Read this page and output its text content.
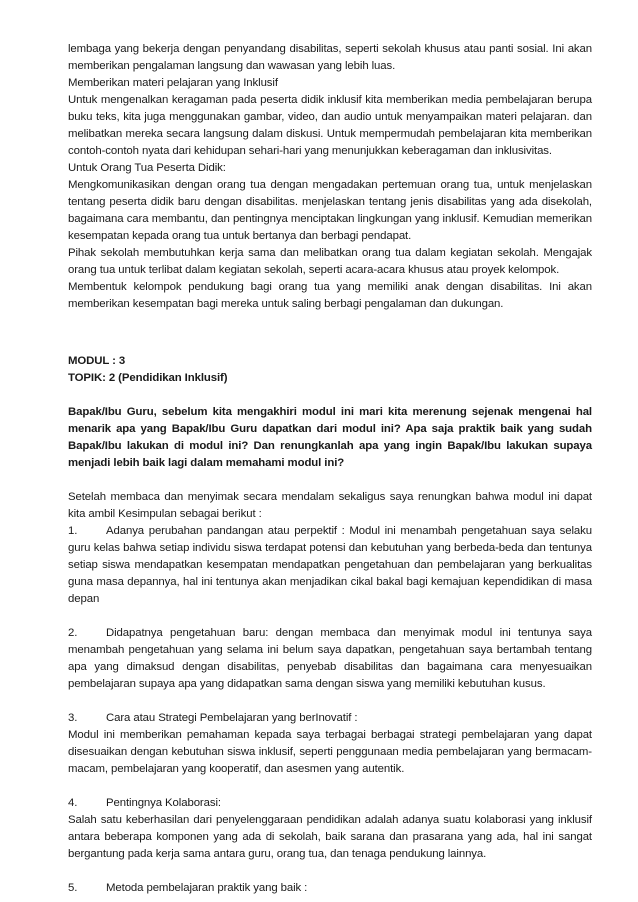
lembaga yang bekerja dengan penyandang disabilitas, seperti sekolah khusus atau panti sosial. Ini akan memberikan pengalaman langsung dan wawasan yang lebih luas.

Memberikan materi pelajaran yang Inklusif

Untuk mengenalkan keragaman pada peserta didik inklusif kita memberikan media pembelajaran berupa buku teks, kita juga menggunakan gambar, video, dan audio untuk menyampaikan materi pelajaran. dan melibatkan mereka secara langsung dalam diskusi. Untuk mempermudah pembelajaran kita memberikan contoh-contoh nyata dari kehidupan sehari-hari yang menunjukkan keberagaman dan inklusivitas.

Untuk Orang Tua Peserta Didik:

Mengkomunikasikan dengan orang tua dengan mengadakan pertemuan orang tua, untuk menjelaskan tentang peserta didik baru dengan disabilitas. menjelaskan tentang jenis disabilitas yang ada disekolah, bagaimana cara membantu, dan pentingnya menciptakan lingkungan yang inklusif. Kemudian memerikan kesempatan kepada orang tua untuk bertanya dan berbagi pendapat.

Pihak sekolah membutuhkan kerja sama dan melibatkan orang tua dalam kegiatan sekolah. Mengajak orang tua untuk terlibat dalam kegiatan sekolah, seperti acara-acara khusus atau proyek kelompok.

Membentuk kelompok pendukung bagi orang tua yang memiliki anak dengan disabilitas. Ini akan memberikan kesempatan bagi mereka untuk saling berbagi pengalaman dan dukungan.

MODUL : 3

TOPIK: 2 (Pendidikan Inklusif)

Bapak/Ibu Guru, sebelum kita mengakhiri modul ini mari kita merenung sejenak mengenai hal menarik apa yang Bapak/Ibu Guru dapatkan dari modul ini? Apa saja praktik baik yang sudah Bapak/Ibu lakukan di modul ini? Dan renungkanlah apa yang ingin Bapak/Ibu lakukan supaya menjadi lebih baik lagi dalam memahami modul ini?

Setelah membaca dan menyimak secara mendalam sekaligus saya renungkan bahwa modul ini dapat kita ambil Kesimpulan sebagai berikut :

1.	Adanya perubahan pandangan atau perpektif : Modul ini menambah pengetahuan saya selaku guru kelas bahwa setiap individu siswa terdapat potensi dan kebutuhan yang berbeda-beda dan tentunya setiap siswa mendapatkan kesempatan mendapatkan pengetahuan dan pembelajaran yang berkualitas guna masa depannya, hal ini tentunya akan menjadikan cikal bakal bagi kemajuan kependidikan di masa depan

2.	Didapatnya pengetahuan baru: dengan membaca dan menyimak modul ini tentunya saya menambah pengetahuan yang selama ini belum saya dapatkan, pengetahuan saya bertambah tentang apa yang dimaksud dengan disabilitas, penyebab disabilitas dan bagaimana cara menyesuaikan pembelajaran supaya apa yang didapatkan sama dengan siswa yang memiliki kebutuhan kusus.

3.	Cara atau Strategi Pembelajaran yang berInovatif :

Modul ini memberikan pemahaman kepada saya terbagai berbagai strategi pembelajaran yang dapat disesuaikan dengan kebutuhan siswa inklusif, seperti penggunaan media pembelajaran yang bermacam-macam, pembelajaran yang kooperatif, dan asesmen yang autentik.

4.	Pentingnya Kolaborasi:

Salah satu keberhasilan dari penyelenggaraan pendidikan adalah adanya suatu kolaborasi yang inklusif antara beberapa komponen yang ada di sekolah, baik sarana dan prasarana yang ada, hal ini sangat bergantung pada kerja sama antara guru, orang tua, dan tenaga pendukung lainnya.

5.	Metoda pembelajaran praktik yang baik :
